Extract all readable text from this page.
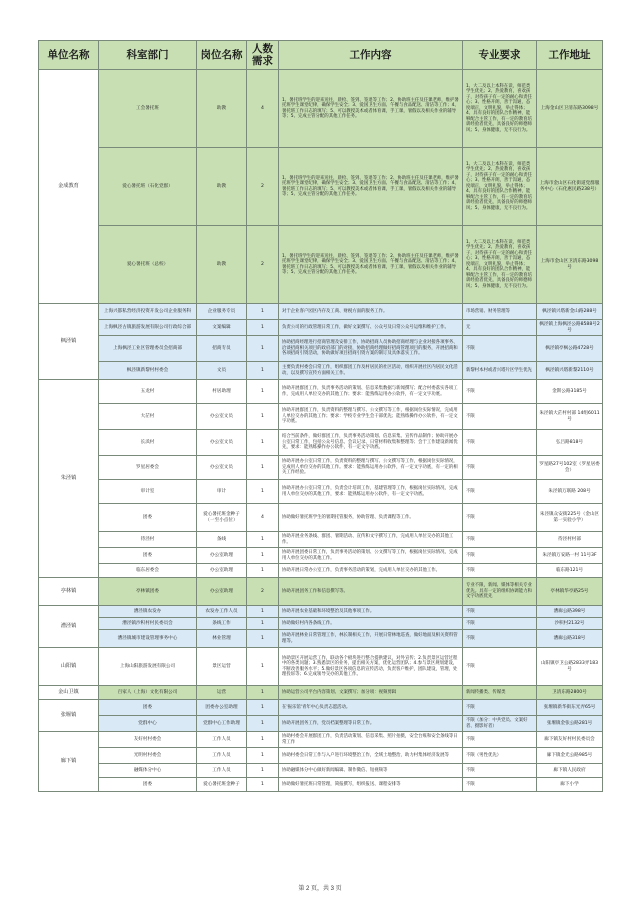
单位名称	科室部门	岗位名称	人数需求	工作内容	专业要求	工作地址
金成教育	工会暑托班	助教	4	1、暑托班学生的迎来送往，晨检、签到、签退等工作；2、协助班主任及任课老师，维护暑托班学生课堂纪律，确保学生安全；3、爱国卫生方面、午餐与食品配送、清洁等工作；4、暑托班工作日志的填写；5、可以教授美术或者体育课，手工课，暑假以及相关作业的辅导等；5、完成主管分配的其他工作任务。	1、大二及以上本科在读，师范类学生优先；2、热爱教育，喜欢孩子，对待孩子有一定的耐心和责任心；3、性格开朗，善于沟通，态度端正，文明礼貌，举止得体；4、具有良好的团队合作精神，能够配合主管工作，有一定的教育培训经验者优先，具备良好的师德师风；5、身体健康，无不良行为。	上海金山区卫清东路3098号
	爱心暑托班（石化党群）	助教	2	1、暑托班学生的迎来送往，晨检、签到、签退等工作；2、协助班主任及任课老师，维护暑托班学生课堂纪律，确保学生安全；3、爱国卫生方面、午餐与食品配送、清洁等工作；4、暑托班工作日志的填写；5、可以教授美术或者体育课，手工课，暑假以及相关作业的辅导等；5、完成主管分配的其他工作任务。	1、大二及以上本科在读，师范类学生优先；2、热爱教育，喜欢孩子，对待孩子有一定的耐心和责任心；3、性格开朗，善于沟通，态度端正，文明礼貌，举止得体；4、具有良好的团队合作精神，能够配合主管工作，有一定的教育培训经验者优先，具备良好的师德师风；5、身体健康，无不良行为。	上海市金山区石化街道党群服务中心（石化惠民路238号）
	爱心暑托班（总校）	助教	2	1、暑托班学生的迎来送往，晨检、签到、签退等工作；2、协助班主任及任课老师，维护暑托班学生课堂纪律，确保学生安全；3、爱国卫生方面、午餐与食品配送、清洁等工作；4、暑托班工作日志的填写；5、可以教授美术或者体育课，手工课，暑假以及相关作业的辅导等；5、完成主管分配的其他工作任务。	1、大二及以上本科在读，师范类学生优先；2、热爱教育，喜欢孩子，对待孩子有一定的耐心和责任心；3、性格开朗，善于沟通，态度端正，文明礼貌，举止得体；4、具有良好的团队合作精神，能够配合主管工作，有一定的教育培训经验者优先，具备良好的师德师风；5、身体健康，无不良行为。	上海市金山区卫清东路3098号
枫泾镇	上海兴都私营经济投资开发公司企业服务科	企业服务专员	1	对于企业客户园区内存及工商、财税方面的服务工作。	市场营销、财务管理等	枫泾镇兴塔新金山路288号
	上海枫泾古镇旅游发展有限公司行政综合部	文案编辑	1	负责公司的行政管理日常工作，做好文案撰写、公众号及日常公众号运维和维护工作。	无	枫泾镇上海枫泾公路8588号2号
	上海枫泾工业区管理委员会招商部	招商专员	1	协助招商经理进行招商管理及安排工作，协助招商人员协助招商经理与企业对接各项事务、洽谈招商相关项目的政府部门的对接，协助招商经理做好招商管理项目的服务，开展招商和各项招商引资活动，协助做好项目招商引资方案的制订及具体落实工作。	不限	枫泾镇亭枫公路4728号
	枫泾镇新黎村村委会	文员	1	主要负责村委会日常工作，组织群团工作及村居民的社区活动，组织开展社区内居民文化活动，以及撰写宣传方面相关工作。	新黎村本村或者兴塔片区学生优先	枫泾镇兴塔新黎2110号
朱泾镇	五龙村	村居助理	1	协助开展群团工作，负责事务活动的策划、信息采集数据与新闻撰写；配合村委落实各项工作，完成用人单位交办的其他工作；要求：能熟练运用办公软件，有一定文字功底。	不限	金斯公路3185号
	大茫村	办公室文员	1	协助开展群团工作，负责资料的整理与撰写、公文撰写等工作，根据岗位实际情况，完成用人单位交办的其他工作；要求：学校专业学生会干部优先；能熟练操作办公软件，有一定文字功底。	不限	朱泾镇大茫村村部 14组6011号
	长浜村	办公室文员	1	结合当前条件，做好群团工作，负责事务活动策划、信息采集、宣传作品制作；协助开展办公室日常工作，包括公众号信息、会议记录、日常材料收集和整理等；会于工作建设新闻优先，要求：能熟练操作办公软件，有一定文字功底。	不限	弘吕路818号
	罗星居委会	办公室文员	1	协助开展办公室日常工作，负责资料的整理与撰写、公文撰写等工作，根据岗位实际情况，完成用人单位交办的其他工作。要求：能熟练运用办公软件，有一定文字功底，有一定的相关工作经验。	不限	罗星路27号102室（罗星居委会）
	审计室	审计	1	协助开展办公室日常工作，负责会计培训工作，基建管理等工作，根据岗位实际情况，完成用人单位交办的其他工作，要求：能熟练运用办公软件，有一定文字功底。	不限	朱泾镇万联路 208号
	团委	爱心暑托班金种子（一至小点位）	4	协助做好暑托班学生的暑期托管服务，协助管理、负责课程等工作。	不限	朱泾镇众安街225号（金山区第一实验小学）
	待泾村	条线	1	协助开展业务条线、群团、暑期活动、宣传和文字撰写工作，完成用人单位交办的其他工作。	不限	待泾村村部
	团委	办公室助理	1	协助开展团委日常工作，负责事务活动的策划、公文撰写等工作，根据岗位实际情况，完成用人单位交办的其他工作。	不限	朱泾镇万安路一村 11号3F
	临东居委会	办公室助理	1	协助开展日常办公室工作，负责事务活动的策划，完成用人单位交办的其他工作。	不限	临东路121号
亭林镇	亭林镇团委	办公室助理	2	协助开展团务工作和信息撰写等。	专业不限，新闻、媒体等相关专业优先。具有一定的组织协调能力和文字功底优先	亭林镇华亭路25号
漕泾镇	漕泾镇农发办	农发办工作人员	1	协助开展农业基础和环境整治及其他事项工作。	不限	漕廊公路398号
	漕泾镇沙积村村民委员会	条线工作	1	协助做好村内各条线工作。	不限	沙积村2132号
	漕泾镇城市建设管理事务中心	林业管理	1	协助开展林业日常管理工作，林长制相关工作，开展日常林地巡查，做好地面及相关资料管理等。	不限	漕廊公路318号
山阳镇	上海山阳旅游发展有限公司	景区运营	1	协助景区开展运营工作，联动各个板块进行整合提供建议，对外宣传；2.负责景区运营过程中的各类问题；3.熟悉景区的业务，提出相关方案，优化运营团队；4.参与景区规划建设，不断改善服务水平；5.做好景区各项信息的宣传活动，负责客户维护，团队建设，管理，处理投诉等；6.完成领导交办的其他工作。	不限	山阳镇亭卫公路2833弄183号
金山卫镇	百家人（上海）文化有限公司	运营	1	协助运营公司平台内容策划、文案撰写；加分项：视频剪辑	新闻传播类、传媒类	卫清东路2800号
张堰镇	团委	团委办公室助理	1	在'振乐馆'青年中心负责志愿活动。	不限	张堰镇新华街东光弄65号
	党群中心	党群中心工作助理	1	协助开展团务工作，党员档案整理等日常工作。	不限（加分：中共党员、文案好者、摄影好者）	张堰镇金张公路281号
廊下镇	友好村村委会	工作人员	1	协助村委会开展群团工作，负责活动策划、信息采集、照片拍摄，安全台账和安全条线等日常工作	不限	廊下镇友好村村民委员会
	光明村村委会	工作人员	1	协助村委会日常工作与入户进行环境整治工作，全域土地整治，助力村集体经济发展等	不限（男性优先）	廊下镇金光公路985号
	融媒体分中心	工作人员	1	协助融媒体分中心做好新闻编辑、制作微信、短视频等	不限	廊下镇人民政府
	团委	爱心暑托班金种子	1	协助做好暑托班日常管理，简报撰写，组织报送、课程安排等	不限	廊下小学
第 2 页，共 3 页
